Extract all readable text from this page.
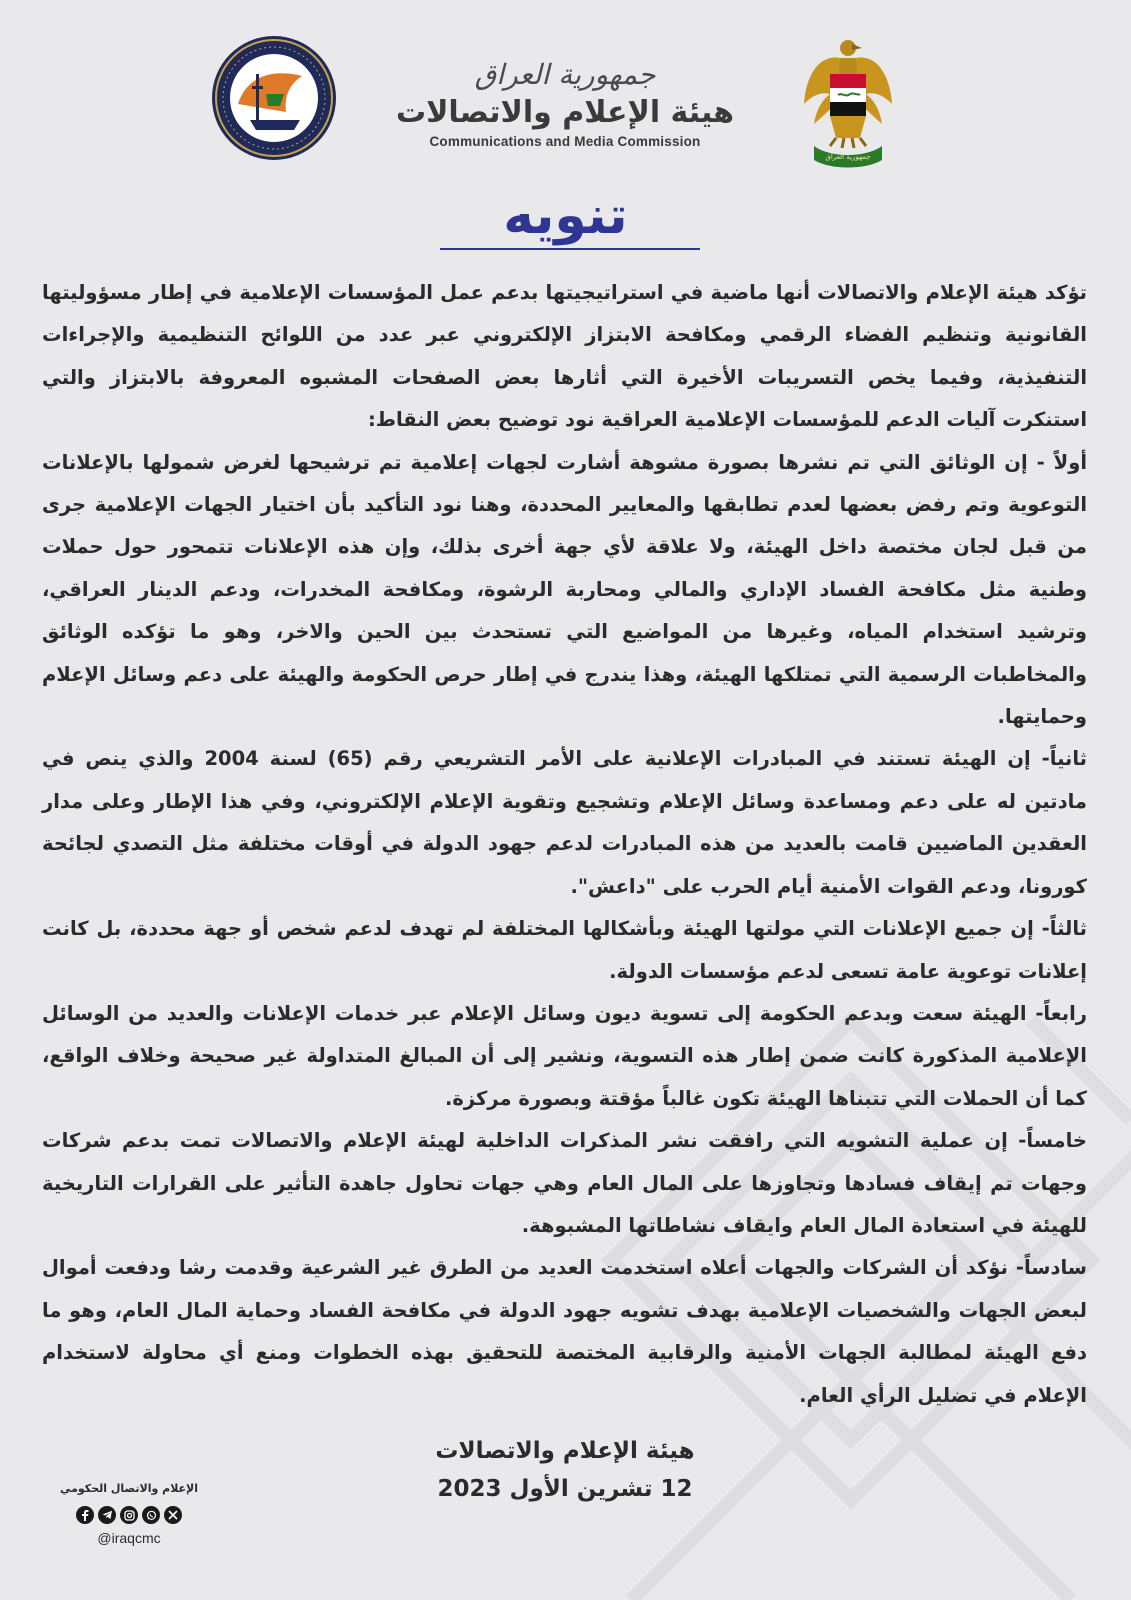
جمهورية العراق
جمهورية العراق
هيئة الإعلام والاتصالات
Communications and Media Commission
تنويه

تؤكد هيئة الإعلام والاتصالات أنها ماضية في استراتيجيتها بدعم عمل المؤسسات الإعلامية في إطار مسؤوليتها القانونية وتنظيم الفضاء الرقمي ومكافحة الابتزاز الإلكتروني عبر عدد من اللوائح التنظيمية والإجراءات التنفيذية، وفيما يخص التسريبات الأخيرة التي أثارها بعض الصفحات المشبوه المعروفة بالابتزاز والتي استنكرت آليات الدعم للمؤسسات الإعلامية العراقية نود توضيح بعض النقاط:

أولاً - إن الوثائق التي تم نشرها بصورة مشوهة أشارت لجهات إعلامية تم ترشيحها لغرض شمولها بالإعلانات التوعوية وتم رفض بعضها لعدم تطابقها والمعايير المحددة، وهنا نود التأكيد بأن اختيار الجهات الإعلامية جرى من قبل لجان مختصة داخل الهيئة، ولا علاقة لأي جهة أخرى بذلك، وإن هذه الإعلانات تتمحور حول حملات وطنية مثل مكافحة الفساد الإداري والمالي ومحاربة الرشوة، ومكافحة المخدرات، ودعم الدينار العراقي، وترشيد استخدام المياه، وغيرها من المواضيع التي تستحدث بين الحين والاخر، وهو ما تؤكده الوثائق والمخاطبات الرسمية التي تمتلكها الهيئة، وهذا يندرج في إطار حرص الحكومة والهيئة على دعم وسائل الإعلام وحمايتها.

ثانياً- إن الهيئة تستند في المبادرات الإعلانية على الأمر التشريعي رقم (65) لسنة 2004 والذي ينص في مادتين له على دعم ومساعدة وسائل الإعلام وتشجيع وتقوية الإعلام الإلكتروني، وفي هذا الإطار وعلى مدار العقدين الماضيين قامت بالعديد من هذه المبادرات لدعم جهود الدولة في أوقات مختلفة مثل التصدي لجائحة كورونا، ودعم القوات الأمنية أيام الحرب على "داعش".

ثالثاً- إن جميع الإعلانات التي مولتها الهيئة وبأشكالها المختلفة لم تهدف لدعم شخص أو جهة محددة، بل كانت إعلانات توعوية عامة تسعى لدعم مؤسسات الدولة.

رابعاً- الهيئة سعت وبدعم الحكومة إلى تسوية ديون وسائل الإعلام عبر خدمات الإعلانات والعديد من الوسائل الإعلامية المذكورة كانت ضمن إطار هذه التسوية، ونشير إلى أن المبالغ المتداولة غير صحيحة وخلاف الواقع، كما أن الحملات التي تتبناها الهيئة تكون غالباً مؤقتة وبصورة مركزة.

خامساً- إن عملية التشويه التي رافقت نشر المذكرات الداخلية لهيئة الإعلام والاتصالات تمت بدعم شركات وجهات تم إيقاف فسادها وتجاوزها على المال العام وهي جهات تحاول جاهدة التأثير على القرارات التاريخية للهيئة في استعادة المال العام وايقاف نشاطاتها المشبوهة.

سادساً- نؤكد أن الشركات والجهات أعلاه استخدمت العديد من الطرق غير الشرعية وقدمت رشا ودفعت أموال لبعض الجهات والشخصيات الإعلامية بهدف تشويه جهود الدولة في مكافحة الفساد وحماية المال العام، وهو ما دفع الهيئة لمطالبة الجهات الأمنية والرقابية المختصة للتحقيق بهذه الخطوات ومنع أي محاولة لاستخدام الإعلام في تضليل الرأي العام.

هيئة الإعلام والاتصالات
12 تشرين الأول 2023
الإعلام والاتصال الحكومي
@iraqcmc
